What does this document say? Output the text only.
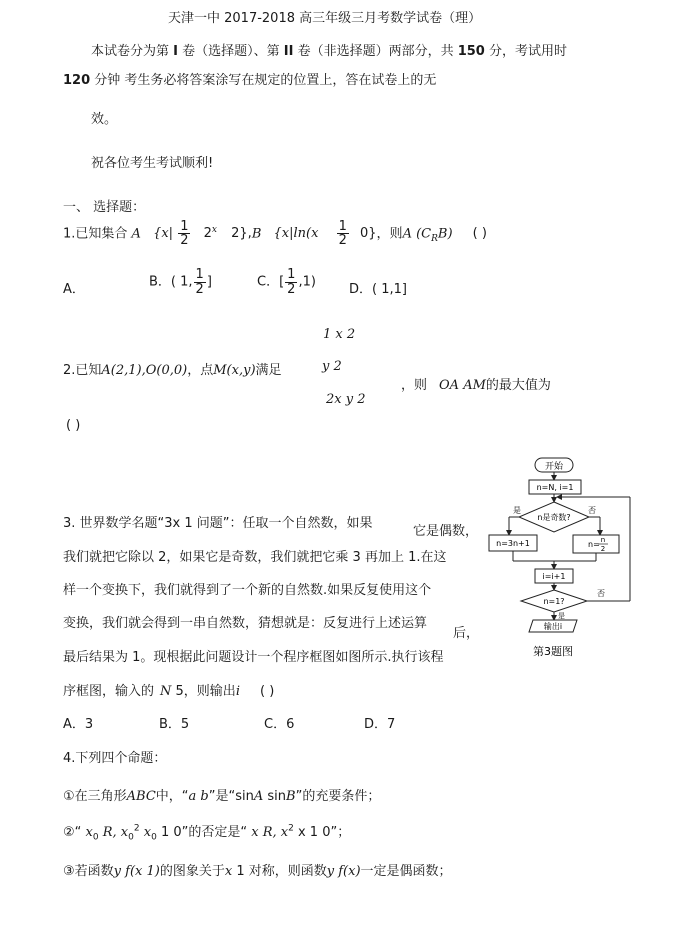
天津一中 2017-2018 高三年级三月考数学试卷（理）
本试卷分为第 I 卷（选择题）、第 II 卷（非选择题）两部分，共 150 分，考试用时
120 分钟 考生务必将答案涂写在规定的位置上，答在试卷上的无
效。
祝各位考生考试顺利!
一、 选择题：
1.已知集合 A {$x| \frac{1}{2} 2^x$ 2},B {$x|\ln(x \frac{1}{2} 0\}$，则A $(C_RB)$ ( )
A．	B．( 1, $\frac{1}{2}$ ]	C．[ $\frac{1}{2} ,1$)	D．( 1,1]
1 x 2
2.已知A(2,1),O(0,0)，点M(x,y)满足	y 2
，则 OA AM的最大值为
2x y 2
( )
开始
n=N, i=1
n是奇数?
是	否
n=3n+1	n= n
2
i=i+1
n=1?
否
是
输出i
第3题图
3. 世界数学名题“3x 1 问题”：任取一个自然数，如果
它是偶数，
我们就把它除以 2，如果它是奇数，我们就把它乘 3 再加上 1.在这
样一个变换下，我们就得到了一个新的自然数.如果反复使用这个
变换，我们就会得到一串自然数，猜想就是：反复进行上述运算
后，
最后结果为 1。现根据此问题设计一个程序框图如图所示.执行该程
序框图，输入的 N 5，则输出i ( )
A．3	B．5	C．6	D．7
4.下列四个命题：
①在三角形ABC中，“a b”是“sinA sinB”的充要条件；
②“ $x_0$ R, $x_0^2$ $x_0$ 1 0”的否定是“ x R, $x^2$ x 1 0”；
③若函数y f(x 1)的图象关于x 1 对称，则函数y f(x)一定是偶函数；
